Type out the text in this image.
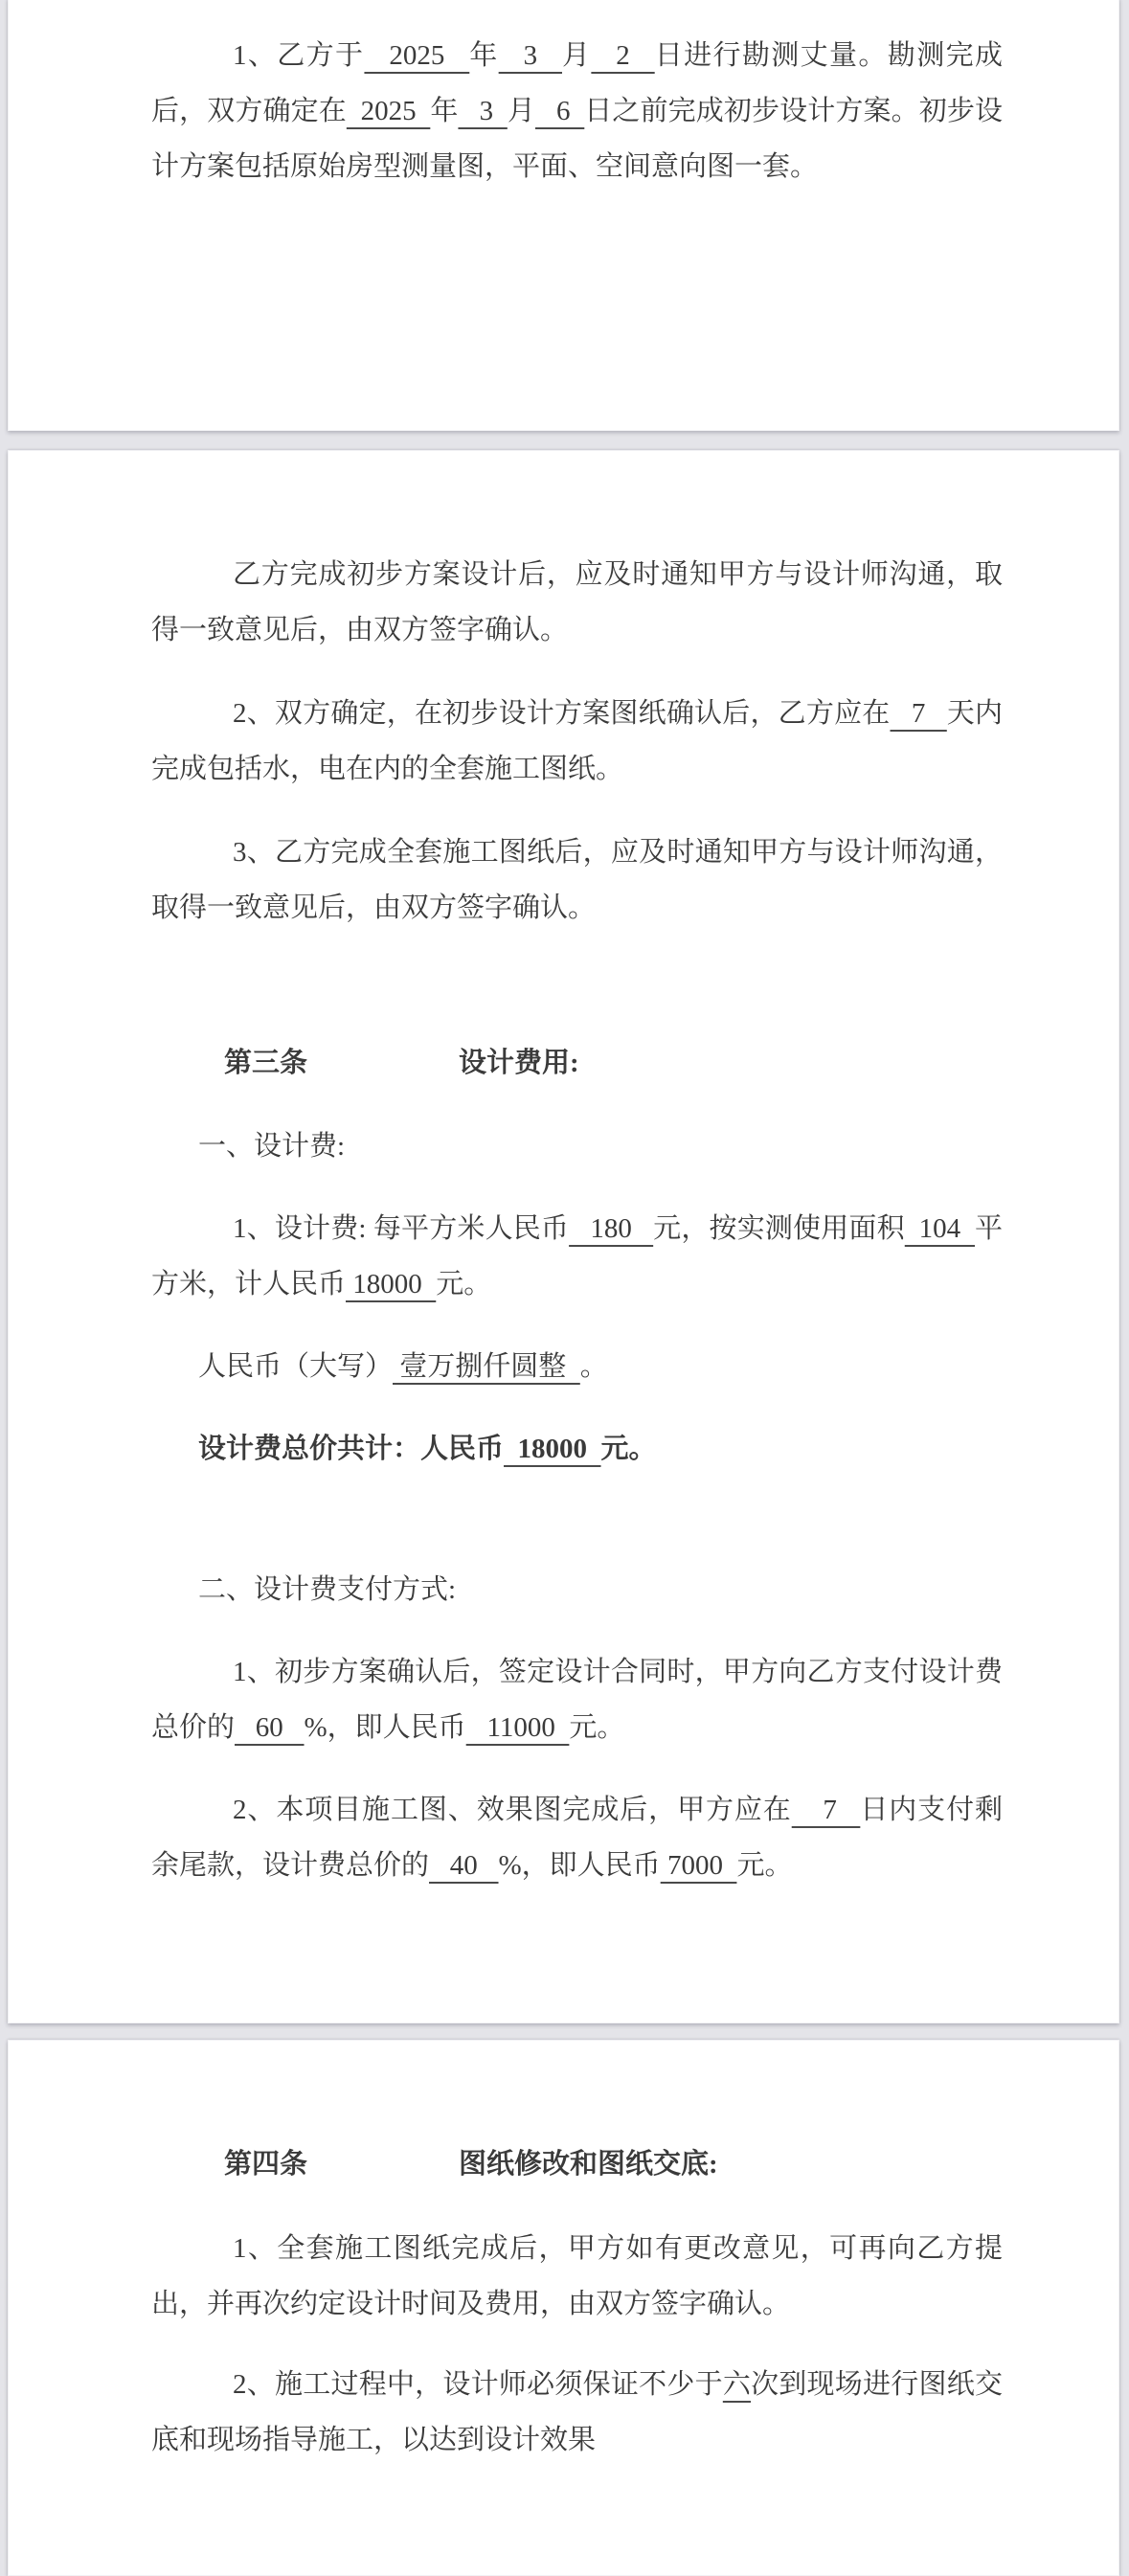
1、乙方于   2025   年   3   月   2   日进行勘测丈量。勘测完成后，双方确定在  2025  年   3  月   6  日之前完成初步设计方案。初步设计方案包括原始房型测量图，平面、空间意向图一套。

乙方完成初步方案设计后，应及时通知甲方与设计师沟通，取得一致意见后，由双方签字确认。

2、双方确定，在初步设计方案图纸确认后，乙方应在   7   天内完成包括水，电在内的全套施工图纸。

3、乙方完成全套施工图纸后，应及时通知甲方与设计师沟通，取得一致意见后，由双方签字确认。

第三条	设计费用:

一、设计费:

1、设计费: 每平方米人民币   180   元，按实测使用面积  104  平方米，计人民币 18000  元。

人民币（大写） 壹万捌仟圆整  。

设计费总价共计：人民币  18000  元。

二、设计费支付方式:

1、初步方案确认后，签定设计合同时，甲方向乙方支付设计费总价的   60   %，即人民币   11000  元。

2、本项目施工图、效果图完成后，甲方应在    7   日内支付剩余尾款，设计费总价的   40   %，即人民币 7000  元。

第四条	图纸修改和图纸交底:

1、全套施工图纸完成后，甲方如有更改意见，可再向乙方提出，并再次约定设计时间及费用，由双方签字确认。

2、施工过程中，设计师必须保证不少于六次到现场进行图纸交底和现场指导施工，以达到设计效果
